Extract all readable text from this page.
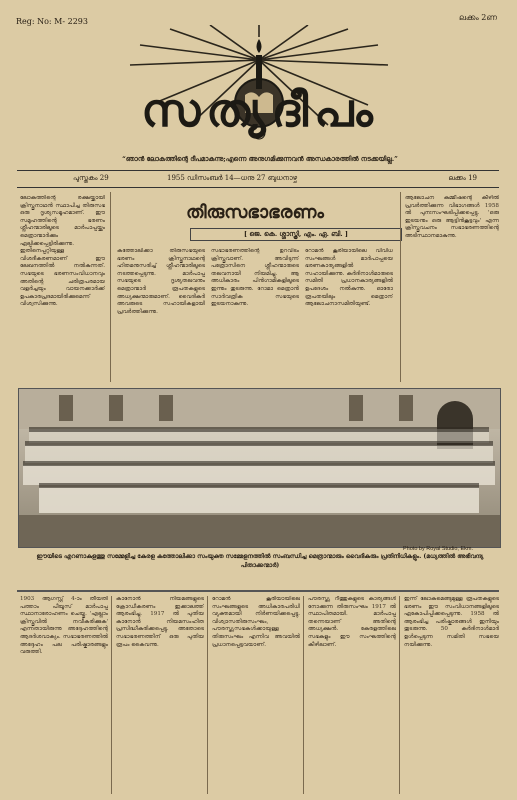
Reg: No: M- 2293	ലക്കം 2ണ
സത്യദീപം
“ഞാൻ ലോകത്തിന്റെ ദീപമാകുന്നു;എന്നെ അനുഗമിക്കുന്നവൻ അന്ധകാരത്തിൽ നടക്കയില്ല.”
പുസ്തകം 29	1955 ഡിസംബർ 14—ധനു 27 ബുധനാഴ്ച	ലക്കം 19
ലോകത്തിന്റെ രക്ഷയ്ക്കായി ക്രിസ്തുനാഥൻ സ്ഥാപിച്ച തിരുസഭ ഒരു ദൃശ്യസമൂഹമാണ്. ഈ സമൂഹത്തിന്റെ ഭരണം ശ്ലീഹന്മാരിലൂടെ മാർപാപ്പയ്ക്കും മെത്രാന്മാർക്കും ഏല്പിക്കപ്പെട്ടിരിക്കുന്നു. ഇതിനെപ്പറ്റിയുള്ള വിശദീകരണമാണ് ഈ ലേഖനത്തിൽ നൽകുന്നത്. സഭയുടെ ഭരണസംവിധാനവും അതിന്റെ ചരിത്രപരമായ വളർച്ചയും വായനക്കാർക്ക് ഉപകാരപ്രദമായിരിക്കുമെന്ന് വിശ്വസിക്കുന്നു.
തിരുസഭാഭരണം
[ ജെ. കെ. ശ്ശാസ്ത്രി, എം. ഏ. ബി. ]
കത്തോലിക്കാ തിരുസഭയുടെ ഭരണം ക്രിസ്തുനാഥന്റെ ഹിതമനുസരിച്ച് ശ്ലീഹന്മാരിലൂടെ നടത്തപ്പെടുന്നു. മാർപാപ്പ സഭയുടെ ദൃശ്യതലവനും മെത്രാന്മാർ രൂപതകളുടെ അധ്യക്ഷന്മാരുമാണ്. വൈദികർ അവരുടെ സഹായികളായി പ്രവർത്തിക്കുന്നു.
സഭാഭരണത്തിന്റെ ഉറവിടം ക്രിസ്തുവാണ്. അവിടുന്ന് പത്രോസിനെ ശ്ലീഹന്മാരുടെ തലവനായി നിയമിച്ചു. ആ അധികാരം പിൻഗാമികളിലൂടെ ഇന്നും തുടരുന്നു. റോമാ മെത്രാൻ സാർവത്രിക സഭയുടെ ഇടയനാകുന്നു.
റോമൻ കൂരിയായിലെ വിവിധ സംഘങ്ങൾ മാർപാപ്പയെ ഭരണകാര്യങ്ങളിൽ സഹായിക്കുന്നു. കർദിനാൾമാരുടെ സമിതി പ്രധാനകാര്യങ്ങളിൽ ഉപദേശം നൽകുന്നു. ഓരോ രൂപതയിലും മെത്രാന് ആലോചനാസമിതിയുണ്ട്.
ആലോചന കമ്മീഷന്റെ കീഴിൽ പ്രവർത്തിക്കുന്ന വിഭാഗങ്ങൾ 1958 ൽ പുനഃസംഘടിപ്പിക്കപ്പെട്ടു. 'ഒരു ഇടയനും ഒരു ആട്ടിൻകൂട്ടവും' എന്ന ക്രിസ്തുവചനം സഭാഭരണത്തിന്റെ അടിസ്ഥാനമാകുന്നു.
Photo by Royal Studio, Ekm.
ഈയിടെ എറണാകുളത്തു സമ്മേളിച്ച കേരള കത്തോലിക്കാ സംയുക്ത സമ്മേളനത്തിൽ സംബന്ധിച്ച മെത്രാന്മാരും വൈദികരും പ്രതിനിധികളും. (മധ്യത്തിൽ അഭിവന്ദ്യ പിതാക്കന്മാർ)
1903 ആഗസ്റ്റ് 4-ാം തീയതി പത്താം പീയൂസ് മാർപാപ്പ സ്ഥാനാരോഹണം ചെയ്തു. 'എല്ലാം ക്രിസ്തുവിൽ നവീകരിക്കുക' എന്നതായിരുന്നു അദ്ദേഹത്തിന്റെ ആദർശവാക്യം. സഭാഭരണത്തിൽ അദ്ദേഹം പല പരിഷ്കാരങ്ങളും വരുത്തി.
കാനോൻ നിയമങ്ങളുടെ ക്രോഡീകരണം ഇക്കാലത്ത് ആരംഭിച്ചു. 1917 ൽ പുതിയ കാനോൻ നിയമസംഹിത പ്രസിദ്ധീകരിക്കപ്പെട്ടു. അതോടെ സഭാഭരണത്തിന് ഒരു പുതിയ രൂപം കൈവന്നു.
റോമൻ കൂരിയായിലെ സംഘങ്ങളുടെ അധികാരപരിധി വ്യക്തമായി നിർണയിക്കപ്പെട്ടു. വിശ്വാസതിരുസംഘം, പൗരസ്ത്യസഭകൾക്കായുള്ള തിരുസംഘം എന്നിവ അവയിൽ പ്രധാനപ്പെട്ടവയാണ്.
പൗരസ്ത്യ റീത്തുകളുടെ കാര്യങ്ങൾ നോക്കുന്ന തിരുസംഘം 1917 ൽ സ്ഥാപിതമായി. മാർപാപ്പ തന്നെയാണ് അതിന്റെ അധ്യക്ഷൻ. കേരളത്തിലെ സഭകളും ഈ സംഘത്തിന്റെ കീഴിലാണ്.
ഇന്ന് ലോകമെങ്ങുമുള്ള രൂപതകളുടെ ഭരണം ഈ സംവിധാനങ്ങളിലൂടെ ഏകോപിപ്പിക്കപ്പെടുന്നു. 1958 ൽ ആരംഭിച്ച പരിഷ്കാരങ്ങൾ ഇനിയും തുടരുന്നു. 50 കർദിനാൾമാർ ഉൾപ്പെടുന്ന സമിതി സഭയെ നയിക്കുന്നു.
